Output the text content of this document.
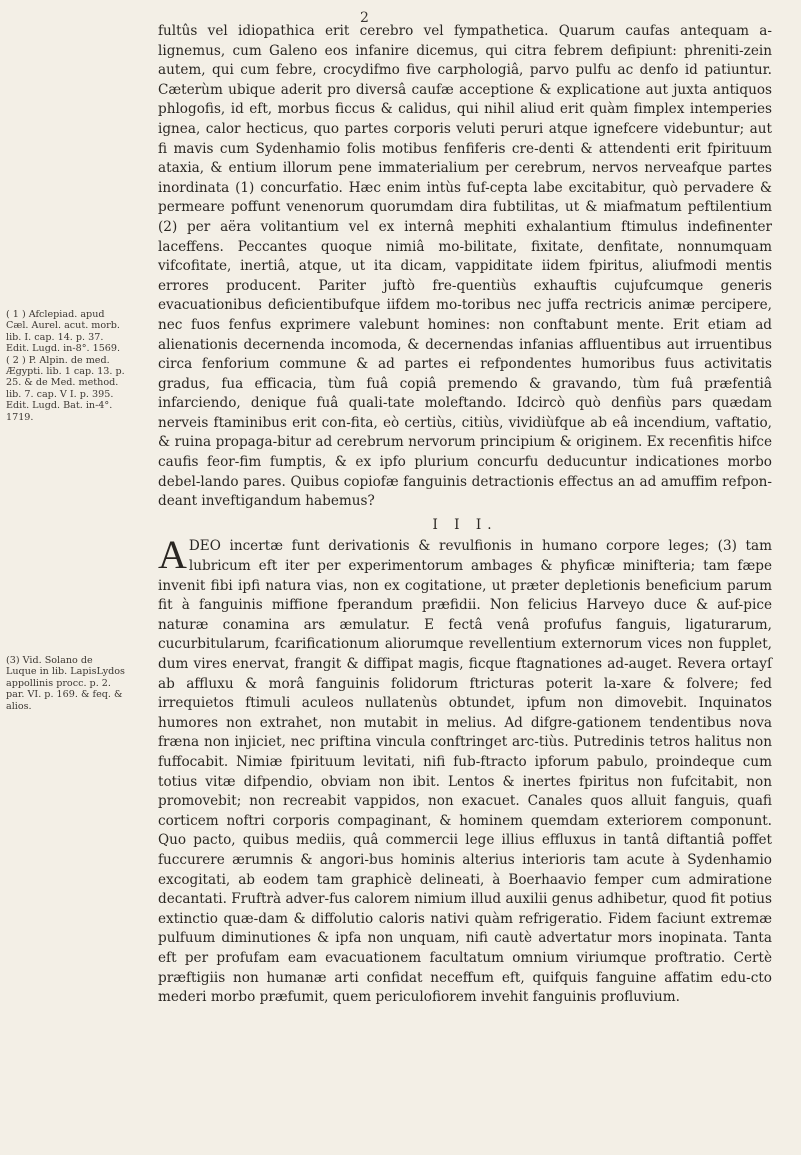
2
( 1 ) Afclepiad. apud Cæl. Aurel. acut. morb. lib. I. cap. 14. p. 37. Edit. Lugd. in-8°. 1569. ( 2 ) P. Alpin. de med. Ægypti. lib. 1 cap. 13. p. 25. & de Med. method. lib. 7. cap. V I. p. 395. Edit. Lugd. Bat. in-4°. 1719.
(3) Vid. Solano de Luque in lib. LapisLydos appollinis procc. p. 2. par. VI. p. 169. & feq. & alios.

fultûs vel idiopathica erit cerebro vel fympathetica. Quarum caufas antequam a-lignemus, cum Galeno eos infanire dicemus, qui citra febrem defipiunt: phreniti-zein autem, qui cum febre, crocydifmo five carphologiâ, parvo pulfu ac denfo id patiuntur. Cæterùm ubique aderit pro diversâ caufæ acceptione & explicatione aut juxta antiquos phlogofis, id eft, morbus ficcus & calidus, qui nihil aliud erit quàm fimplex intemperies ignea, calor hecticus, quo partes corporis veluti peruri atque ignefcere videbuntur; aut fi mavis cum Sydenhamio folis motibus fenfiferis cre-denti & attendenti erit fpirituum ataxia, & entium illorum pene immaterialium per cerebrum, nervos nerveafque partes inordinata (1) concurfatio. Hæc enim intùs fuf-cepta labe excitabitur, quò pervadere & permeare poffunt venenorum quorumdam dira fubtilitas, ut & miafmatum peftilentium (2) per aëra volitantium vel ex internâ mephiti exhalantium ftimulus indefinenter laceffens. Peccantes quoque nimiâ mo-bilitate, fixitate, denfitate, nonnumquam vifcofitate, inertiâ, atque, ut ita dicam, vappiditate iidem fpiritus, aliufmodi mentis errores producent. Pariter juftò fre-quentiùs exhauftis cujufcumque generis evacuationibus deficientibufque iifdem mo-toribus nec juffa rectricis animæ percipere, nec fuos fenfus exprimere valebunt homines: non conftabunt mente. Erit etiam ad alienationis decernenda incomoda, & decernendas infanias affluentibus aut irruentibus circa fenforium commune & ad partes ei refpondentes humoribus fuus activitatis gradus, fua efficacia, tùm fuâ copiâ premendo & gravando, tùm fuâ præfentiâ infarciendo, denique fuâ quali-tate moleftando. Idcircò quò denfiùs pars quædam nerveis ftaminibus erit con-fita, eò certiùs, citiùs, vividiùfque ab eâ incendium, vaftatio, & ruina propaga-bitur ad cerebrum nervorum principium & originem. Ex recenfitis hifce caufis feor-fim fumptis, & ex ipfo plurium concurfu deducuntur indicationes morbo debel-lando pares. Quibus copiofæ fanguinis detractionis effectus an ad amuffim refpon-deant inveftigandum habemus?

I I I.

ADEO incertæ funt derivationis & revulfionis in humano corpore leges; (3) tam lubricum eft iter per experimentorum ambages & phyficæ minifteria; tam fæpe invenit fibi ipfi natura vias, non ex cogitatione, ut præter depletionis beneficium parum fit à fanguinis miffione fperandum præfidii. Non felicius Harveyo duce & auf-pice naturæ conamina ars æmulatur. E fectâ venâ profufus fanguis, ligaturarum, cucurbitularum, fcarificationum aliorumque revellentium externorum vices non fupplet, dum vires enervat, frangit & diffipat magis, ficque ftagnationes ad-auget. Revera ortayſ ab affluxu & morâ fanguinis folidorum ftricturas poterit la-xare & folvere; fed irrequietos ftimuli aculeos nullatenùs obtundet, ipfum non dimovebit. Inquinatos humores non extrahet, non mutabit in melius. Ad difgre-gationem tendentibus nova fræna non injiciet, nec priftina vincula conftringet arc-tiùs. Putredinis tetros halitus non fuffocabit. Nimiæ fpirituum levitati, nifi fub-ftracto ipforum pabulo, proindeque cum totius vitæ difpendio, obviam non ibit. Lentos & inertes fpiritus non fufcitabit, non promovebit; non recreabit vappidos, non exacuet. Canales quos alluit fanguis, quafi corticem noftri corporis compaginant, & hominem quemdam exteriorem componunt. Quo pacto, quibus mediis, quâ commercii lege illius effluxus in tantâ diftantiâ poffet fuccurere ærumnis & angori-bus hominis alterius interioris tam acute à Sydenhamio excogitati, ab eodem tam graphicè delineati, à Boerhaavio femper cum admiratione decantati. Fruftrà adver-fus calorem nimium illud auxilii genus adhibetur, quod fit potius extinctio quæ-dam & diffolutio caloris nativi quàm refrigeratio. Fidem faciunt extremæ pulfuum diminutiones & ipfa non unquam, nifi cautè advertatur mors inopinata. Tanta eft per profufam eam evacuationem facultatum omnium viriumque proftratio. Certè præftigiis non humanæ arti confidat neceffum eft, quifquis fanguine affatim edu-cto mederi morbo præfumit, quem periculofiorem invehit fanguinis profluvium.
